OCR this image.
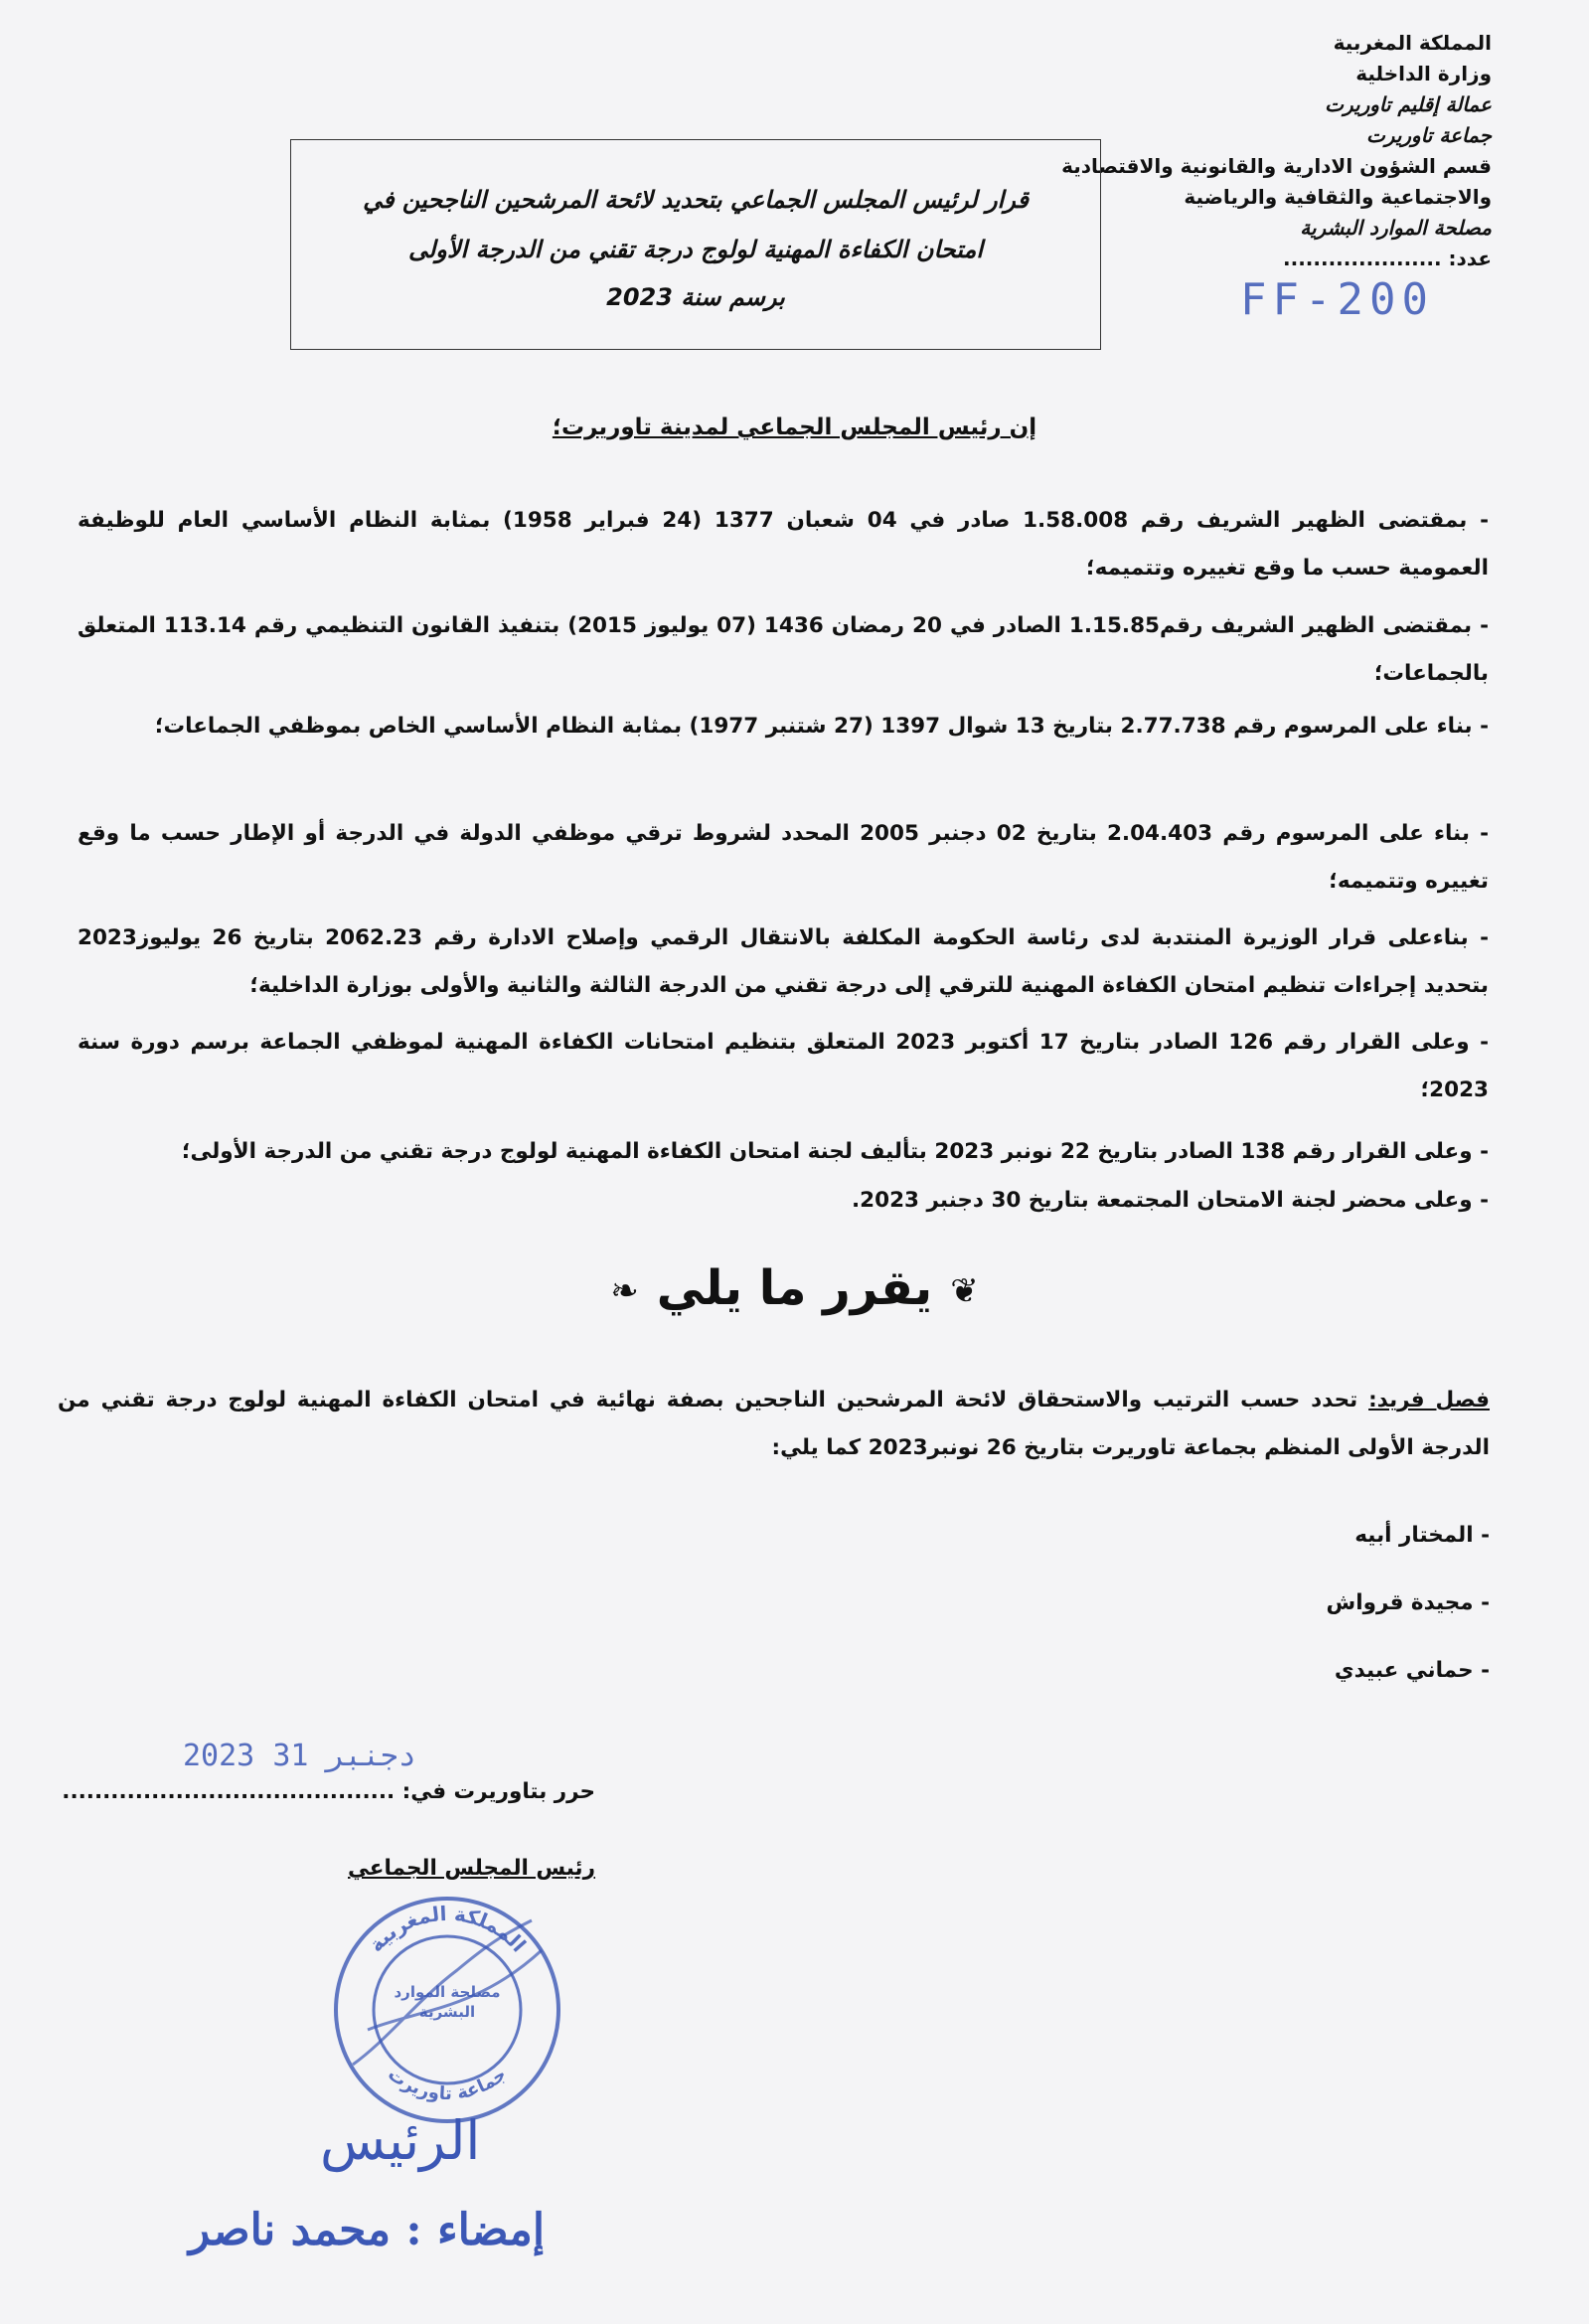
المملكة المغربية
وزارة الداخلية
عمالة إقليم تاوريرت
جماعة تاوريرت
قسم الشؤون الادارية والقانونية والاقتصادية
والاجتماعية والثقافية والرياضية
مصلحة الموارد البشرية
عدد: .....................
FF-200
قرار لرئيس المجلس الجماعي بتحديد لائحة المرشحين الناجحين في
امتحان الكفاءة المهنية لولوج درجة تقني من الدرجة الأولى
برسم سنة 2023
إن رئيس المجلس الجماعي لمدينة تاوريرت؛
- بمقتضى الظهير الشريف رقم 1.58.008 صادر في 04 شعبان 1377 (24 فبراير 1958) بمثابة النظام الأساسي العام للوظيفة العمومية حسب ما وقع تغييره وتتميمه؛
- بمقتضى الظهير الشريف رقم1.15.85 الصادر في 20 رمضان 1436 (07 يوليوز 2015) بتنفيذ القانون التنظيمي رقم 113.14 المتعلق بالجماعات؛
- بناء على المرسوم رقم 2.77.738 بتاريخ 13 شوال 1397 (27 شتنبر 1977) بمثابة النظام الأساسي الخاص بموظفي الجماعات؛
- بناء على المرسوم رقم 2.04.403 بتاريخ 02 دجنبر 2005 المحدد لشروط ترقي موظفي الدولة في الدرجة أو الإطار حسب ما وقع تغييره وتتميمه؛
- بناءعلى قرار الوزيرة المنتدبة لدى رئاسة الحكومة المكلفة بالانتقال الرقمي وإصلاح الادارة رقم 2062.23 بتاريخ 26 يوليوز2023 بتحديد إجراءات تنظيم امتحان الكفاءة المهنية للترقي إلى درجة تقني من الدرجة الثالثة والثانية والأولى بوزارة الداخلية؛
- وعلى القرار رقم 126 الصادر بتاريخ 17 أكتوبر 2023 المتعلق بتنظيم امتحانات الكفاءة المهنية لموظفي الجماعة برسم دورة سنة 2023؛
- وعلى القرار رقم 138 الصادر بتاريخ 22 نونبر 2023 بتأليف لجنة امتحان الكفاءة المهنية لولوج درجة تقني من الدرجة الأولى؛
- وعلى محضر لجنة الامتحان المجتمعة بتاريخ 30 دجنبر 2023.
❦يقرر ما يلي❧
فصل فريد: تحدد حسب الترتيب والاستحقاق لائحة المرشحين الناجحين بصفة نهائية في امتحان الكفاءة المهنية لولوج درجة تقني من الدرجة الأولى المنظم بجماعة تاوريرت بتاريخ 26 نونبر2023 كما يلي:
- المختار أبيه
- مجيدة قرواش
- حماني عبيدي
2023 دجنبر 31
حرر بتاوريرت في: .........................................
رئيس المجلس الجماعي
المملكة المغربية
جماعة تاوريرت
مصلحة الموارد البشرية
الرئيس
إمضاء : محمد ناصر
